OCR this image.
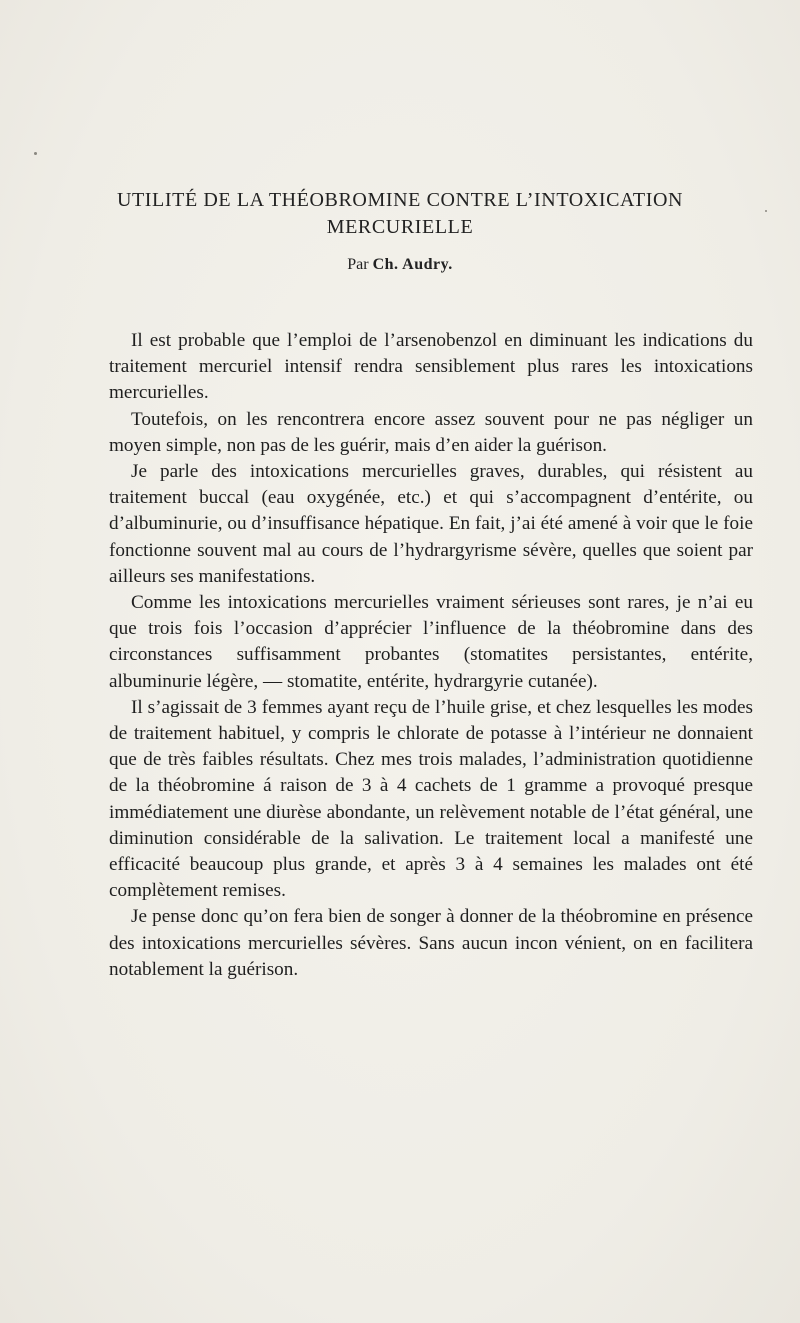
UTILITÉ DE LA THÉOBROMINE CONTRE L’INTOXICATION
MERCURIELLE
Par Ch. Audry.

Il est probable que l’emploi de l’arsenobenzol en diminuant les indications du traitement mercuriel intensif rendra sensiblement plus rares les intoxications mercurielles.

Toutefois, on les rencontrera encore assez souvent pour ne pas négliger un moyen simple, non pas de les guérir, mais d’en aider la guérison.

Je parle des intoxications mercurielles graves, durables, qui résistent au traitement buccal (eau oxygénée, etc.) et qui s’accompagnent d’entérite, ou d’albuminurie, ou d’insuffisance hépatique. En fait, j’ai été amené à voir que le foie fonctionne souvent mal au cours de l’hydrargyrisme sévère, quelles que soient par ailleurs ses manifestations.

Comme les intoxications mercurielles vraiment sérieuses sont rares, je n’ai eu que trois fois l’occasion d’apprécier l’influence de la théobromine dans des circonstances suffisamment probantes (stomatites persistantes, entérite, albuminurie légère, — stomatite, entérite, hydrargyrie cutanée).

Il s’agissait de 3 femmes ayant reçu de l’huile grise, et chez lesquelles les modes de traitement habituel, y compris le chlorate de potasse à l’intérieur ne donnaient que de très faibles résultats. Chez mes trois malades, l’administration quotidienne de la théobromine á raison de 3 à 4 cachets de 1 gramme a provoqué presque immédiatement une diurèse abondante, un relèvement notable de l’état général, une diminution considérable de la salivation. Le traitement local a manifesté une efficacité beaucoup plus grande, et après 3 à 4 semaines les malades ont été complètement remises.

Je pense donc qu’on fera bien de songer à donner de la théobromine en présence des intoxications mercurielles sévères. Sans aucun incon vénient, on en facilitera notablement la guérison.
